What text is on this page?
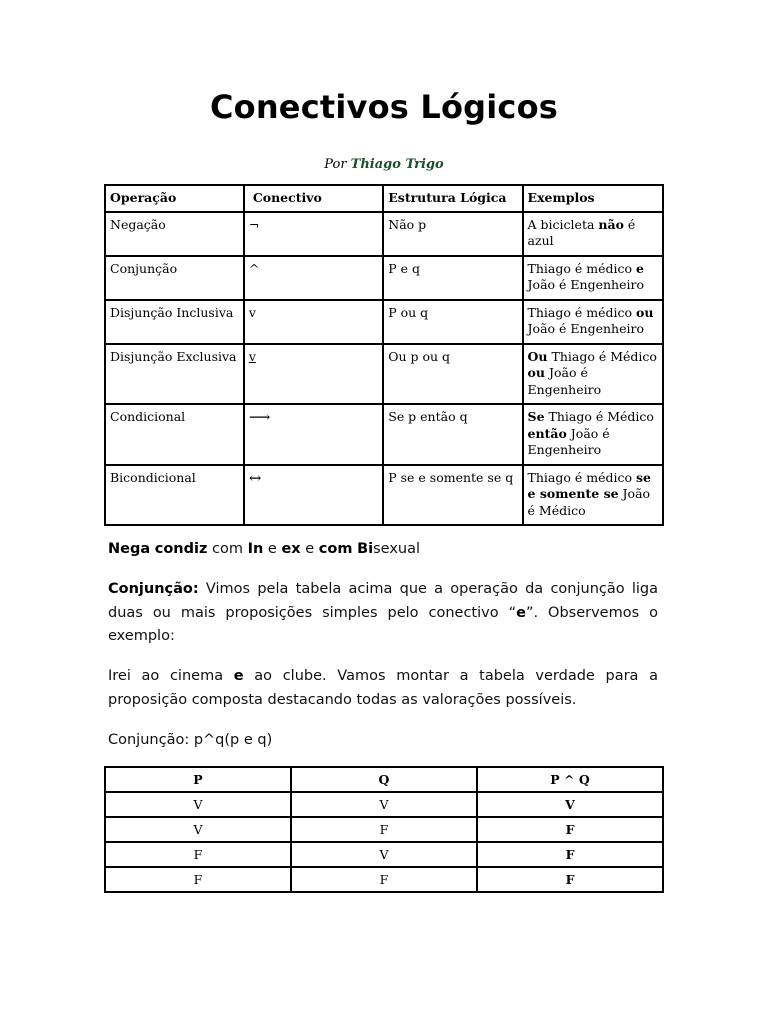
Conectivos Lógicos
Por Thiago Trigo
Operação	Conectivo	Estrutura Lógica	Exemplos
Negação	¬	Não p	A bicicleta não é azul
Conjunção	^	P e q	Thiago é médico e João é Engenheiro
Disjunção Inclusiva	v	P ou q	Thiago é médico ou João é Engenheiro
Disjunção Exclusiva	v	Ou p ou q	Ou Thiago é Médico ou João é Engenheiro
Condicional	⟶	Se p então q	Se Thiago é Médico então João é Engenheiro
Bicondicional	↔	P se e somente se q	Thiago é médico se e somente se João é Médico
Nega condiz com In e ex e com Bisexual
Conjunção: Vimos pela tabela acima que a operação da conjunção liga duas ou mais proposições simples pelo conectivo “e”. Observemos o exemplo:
Irei ao cinema e ao clube. Vamos montar a tabela verdade para a proposição composta destacando todas as valorações possíveis.
Conjunção: p^q(p e q)
P	Q	P ^ Q
V	V	V
V	F	F
F	V	F
F	F	F
